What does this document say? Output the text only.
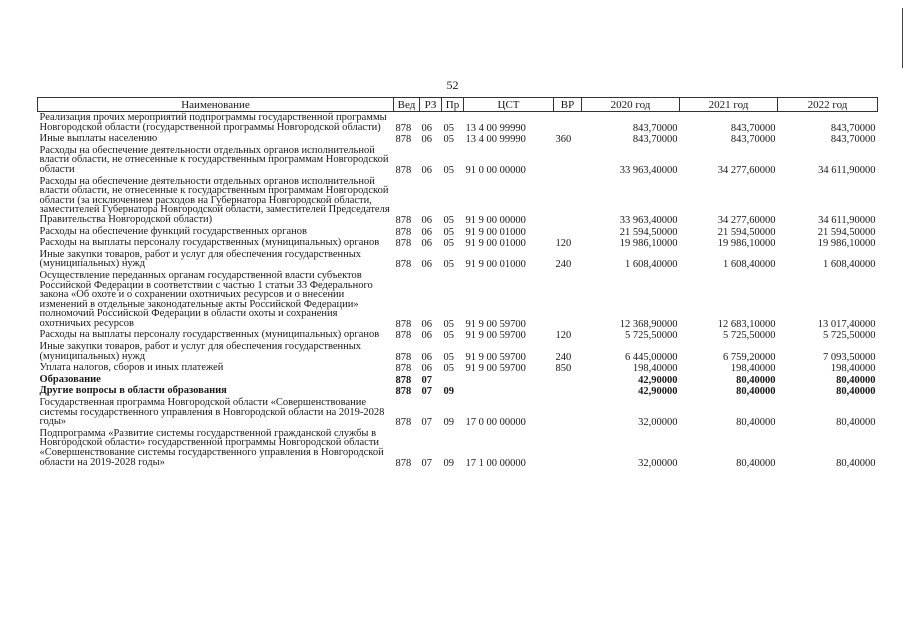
52
Наименование	Вед	РЗ	Пр	ЦСТ	ВР	2020 год	2021 год	2022 год
Реализация прочих мероприятий подпрограммы государственной программы Новгородской области (государственной программы Новгородской области)	878	06	05	13 4 00 99990		843,70000	843,70000	843,70000
Иные выплаты населению	878	06	05	13 4 00 99990	360	843,70000	843,70000	843,70000
Расходы на обеспечение деятельности отдельных органов исполнительной власти области, не отнесенные к государственным программам Новгородской области	878	06	05	91 0 00 00000		33 963,40000	34 277,60000	34 611,90000
Расходы на обеспечение деятельности отдельных органов исполнительной власти области, не отнесенные к государственным программам Новгородской области (за исключением расходов на Губернатора Новгородской области, заместителей Губернатора Новгородской области, заместителей Председателя Правительства Новгородской области)	878	06	05	91 9 00 00000		33 963,40000	34 277,60000	34 611,90000
Расходы на обеспечение функций государственных органов	878	06	05	91 9 00 01000		21 594,50000	21 594,50000	21 594,50000
Расходы на выплаты персоналу государственных (муниципальных) органов	878	06	05	91 9 00 01000	120	19 986,10000	19 986,10000	19 986,10000
Иные закупки товаров, работ и услуг для обеспечения государственных (муниципальных) нужд	878	06	05	91 9 00 01000	240	1 608,40000	1 608,40000	1 608,40000
Осуществление переданных органам государственной власти субъектов Российской Федерации в соответствии с частью 1 статьи 33 Федерального закона «Об охоте и о сохранении охотничьих ресурсов и о внесении изменений в отдельные законодательные акты Российской Федерации» полномочий Российской Федерации в области охоты и сохранения охотничьих ресурсов	878	06	05	91 9 00 59700		12 368,90000	12 683,10000	13 017,40000
Расходы на выплаты персоналу государственных (муниципальных) органов	878	06	05	91 9 00 59700	120	5 725,50000	5 725,50000	5 725,50000
Иные закупки товаров, работ и услуг для обеспечения государственных (муниципальных) нужд	878	06	05	91 9 00 59700	240	6 445,00000	6 759,20000	7 093,50000
Уплата налогов, сборов и иных платежей	878	06	05	91 9 00 59700	850	198,40000	198,40000	198,40000
Образование	878	07				42,90000	80,40000	80,40000
Другие вопросы в области образования	878	07	09			42,90000	80,40000	80,40000
Государственная программа Новгородской области «Совершенствование системы государственного управления в Новгородской области на 2019-2028 годы»	878	07	09	17 0 00 00000		32,00000	80,40000	80,40000
Подпрограмма «Развитие системы государственной гражданской службы в Новгородской области» государственной программы Новгородской области «Совершенствование системы государственного управления в Новгородской области на 2019-2028 годы»	878	07	09	17 1 00 00000		32,00000	80,40000	80,40000
